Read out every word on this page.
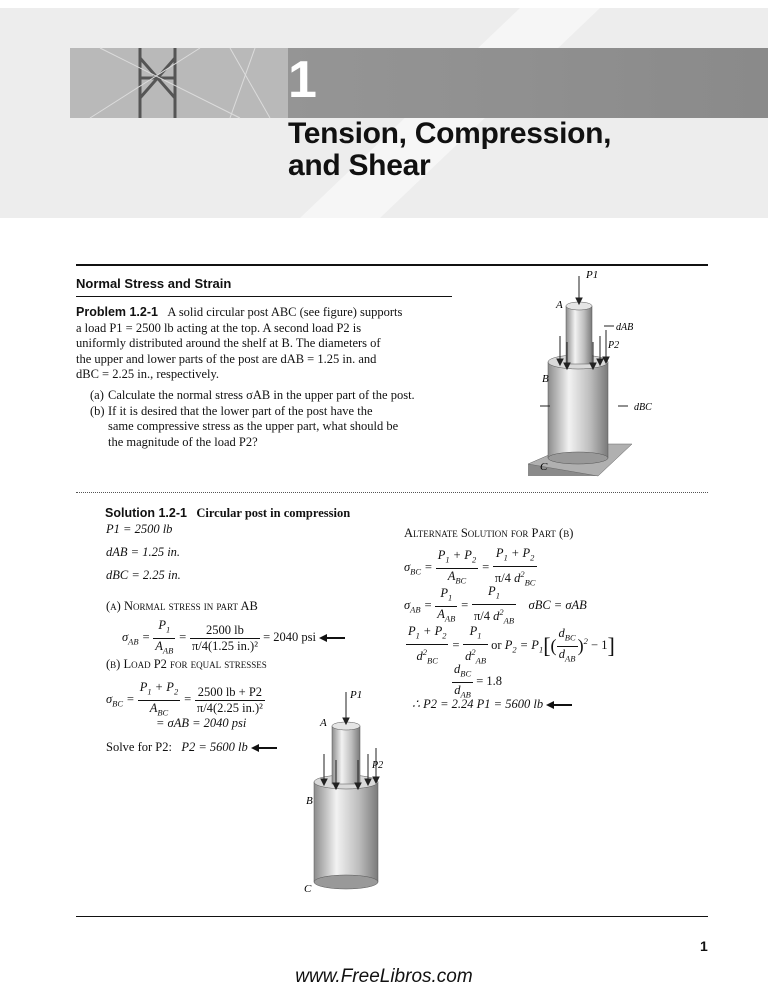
1
Tension, Compression,
and Shear
Normal Stress and Strain
Problem 1.2-1 A solid circular post ABC (see figure) supports
a load P1 = 2500 lb acting at the top. A second load P2 is
uniformly distributed around the shelf at B. The diameters of
the upper and lower parts of the post are dAB = 1.25 in. and
dBC = 2.25 in., respectively.
(a) Calculate the normal stress σAB in the upper part of the post.
(b) If it is desired that the lower part of the post have the
same compressive stress as the upper part, what should be
the magnitude of the load P2?
P1
A
dAB
P2
B
dBC
C
Solution 1.2-1 Circular post in compression
P1 = 2500 lb
dAB = 1.25 in.
dBC = 2.25 in.
(a) Normal stress in part AB
$\sigma_{AB} = \frac{P_1}{A_{AB}} = \frac{2500 lb}{\text{π/4(1.25 in.)²}} = 2040$ psi
(b) Load P2 for equal stresses
$\sigma_{BC} = \frac{P_1 + P_2}{A_{BC}} = \frac{2500 lb + P2}{\text{π/4(2.25 in.)²}}$
= σAB = 2040 psi
Solve for P2: P2 = 5600 lb
P1
A
P2
B
C
Alternate Solution for Part (b)
$\sigma_{BC} = \frac{P_1 + P_2}{A_{BC}} = \frac{P_1 + P_2}{\pi/4 d^2_{BC}}$
$\sigma_{AB} = \frac{P_1}{A_{AB}} = \frac{P_1}{\pi/4 d^2_{AB}}$ σBC = σAB
$\frac{P_1 + P_2}{d^2_{BC}} = \frac{P_1}{d^2_{AB}}$ or $P_2 = P_1[( \frac{d_{BC}}{d_{AB}} )^2 - 1]$
$\frac{d_{BC}}{d_{AB}} = 1.8$
∴ P2 = 2.24 P1 = 5600 lb
1
www.FreeLibros.com
